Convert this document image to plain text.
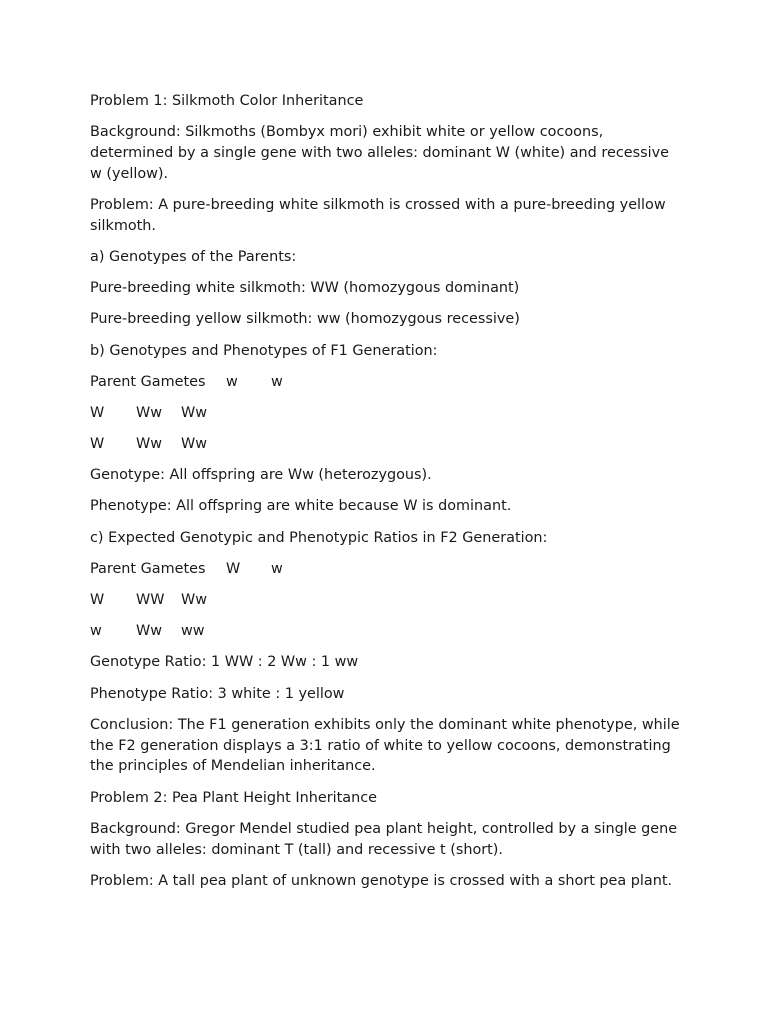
Problem 1: Silkmoth Color Inheritance

Background: Silkmoths (Bombyx mori) exhibit white or yellow cocoons, determined by a single gene with two alleles: dominant W (white) and recessive w (yellow).

Problem: A pure-breeding white silkmoth is crossed with a pure-breeding yellow silkmoth.

a) Genotypes of the Parents:

Pure-breeding white silkmoth: WW (homozygous dominant)

Pure-breeding yellow silkmoth: ww (homozygous recessive)

b) Genotypes and Phenotypes of F1 Generation:

Parent Gametes	w	w
W	Ww	Ww
W	Ww	Ww

Genotype: All offspring are Ww (heterozygous).

Phenotype: All offspring are white because W is dominant.

c) Expected Genotypic and Phenotypic Ratios in F2 Generation:

Parent Gametes	W	w
W	WW	Ww
w	Ww	ww

Genotype Ratio: 1 WW : 2 Ww : 1 ww

Phenotype Ratio: 3 white : 1 yellow

Conclusion: The F1 generation exhibits only the dominant white phenotype, while the F2 generation displays a 3:1 ratio of white to yellow cocoons, demonstrating the principles of Mendelian inheritance.

Problem 2: Pea Plant Height Inheritance

Background: Gregor Mendel studied pea plant height, controlled by a single gene with two alleles: dominant T (tall) and recessive t (short).

Problem: A tall pea plant of unknown genotype is crossed with a short pea plant.
